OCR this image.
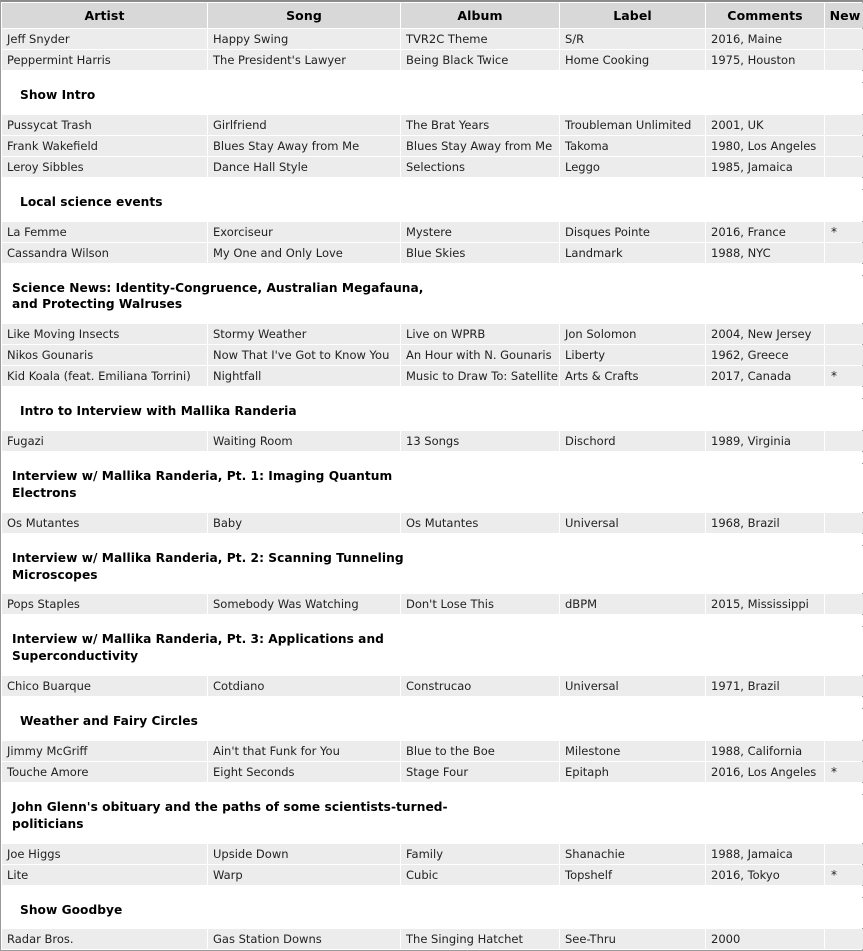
Artist	Song	Album	Label	Comments	New
Jeff Snyder	Happy Swing	TVR2C Theme	S/R	2016, Maine	
Peppermint Harris	The President's Lawyer	Being Black Twice	Home Cooking	1975, Houston	

Show Intro					

Pussycat Trash	Girlfriend	The Brat Years	Troubleman Unlimited	2001, UK	
Frank Wakefield	Blues Stay Away from Me	Blues Stay Away from Me	Takoma	1980, Los Angeles	
Leroy Sibbles	Dance Hall Style	Selections	Leggo	1985, Jamaica	

Local science events					

La Femme	Exorciseur	Mystere	Disques Pointe	2016, France	*
Cassandra Wilson	My One and Only Love	Blue Skies	Landmark	1988, NYC	

Science News: Identity-Congruence, Australian Megafauna,
and Protecting Walruses					

Like Moving Insects	Stormy Weather	Live on WPRB	Jon Solomon	2004, New Jersey	
Nikos Gounaris	Now That I've Got to Know You	An Hour with N. Gounaris	Liberty	1962, Greece	
Kid Koala (feat. Emiliana Torrini)	Nightfall	Music to Draw To: Satellite	Arts & Crafts	2017, Canada	*

Intro to Interview with Mallika Randeria					

Fugazi	Waiting Room	13 Songs	Dischord	1989, Virginia	

Interview w/ Mallika Randeria, Pt. 1: Imaging Quantum
Electrons					

Os Mutantes	Baby	Os Mutantes	Universal	1968, Brazil	

Interview w/ Mallika Randeria, Pt. 2: Scanning Tunneling
Microscopes					

Pops Staples	Somebody Was Watching	Don't Lose This	dBPM	2015, Mississippi	

Interview w/ Mallika Randeria, Pt. 3: Applications and
Superconductivity					

Chico Buarque	Cotdiano	Construcao	Universal	1971, Brazil	

Weather and Fairy Circles					

Jimmy McGriff	Ain't that Funk for You	Blue to the Boe	Milestone	1988, California	
Touche Amore	Eight Seconds	Stage Four	Epitaph	2016, Los Angeles	*

John Glenn's obituary and the paths of some scientists-turned-
politicians					

Joe Higgs	Upside Down	Family	Shanachie	1988, Jamaica	
Lite	Warp	Cubic	Topshelf	2016, Tokyo	*

Show Goodbye					

Radar Bros.	Gas Station Downs	The Singing Hatchet	See-Thru	2000	
